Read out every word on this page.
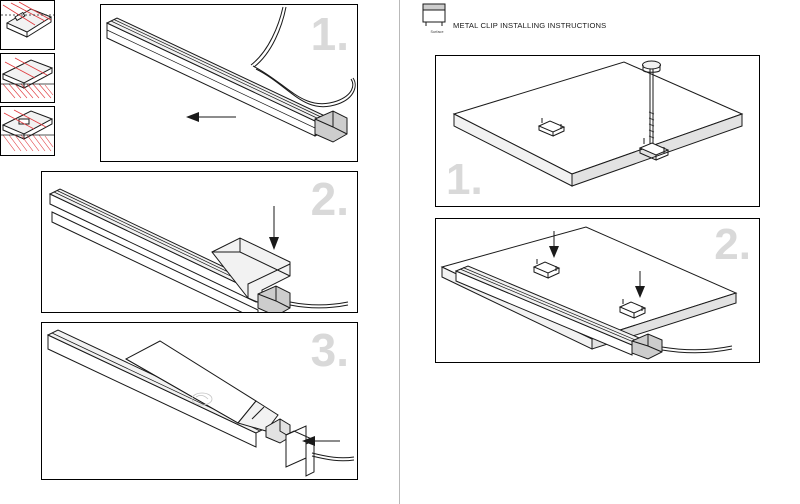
1.
2.
3.
Surface
METAL CLIP INSTALLING INSTRUCTIONS
1.
2.
